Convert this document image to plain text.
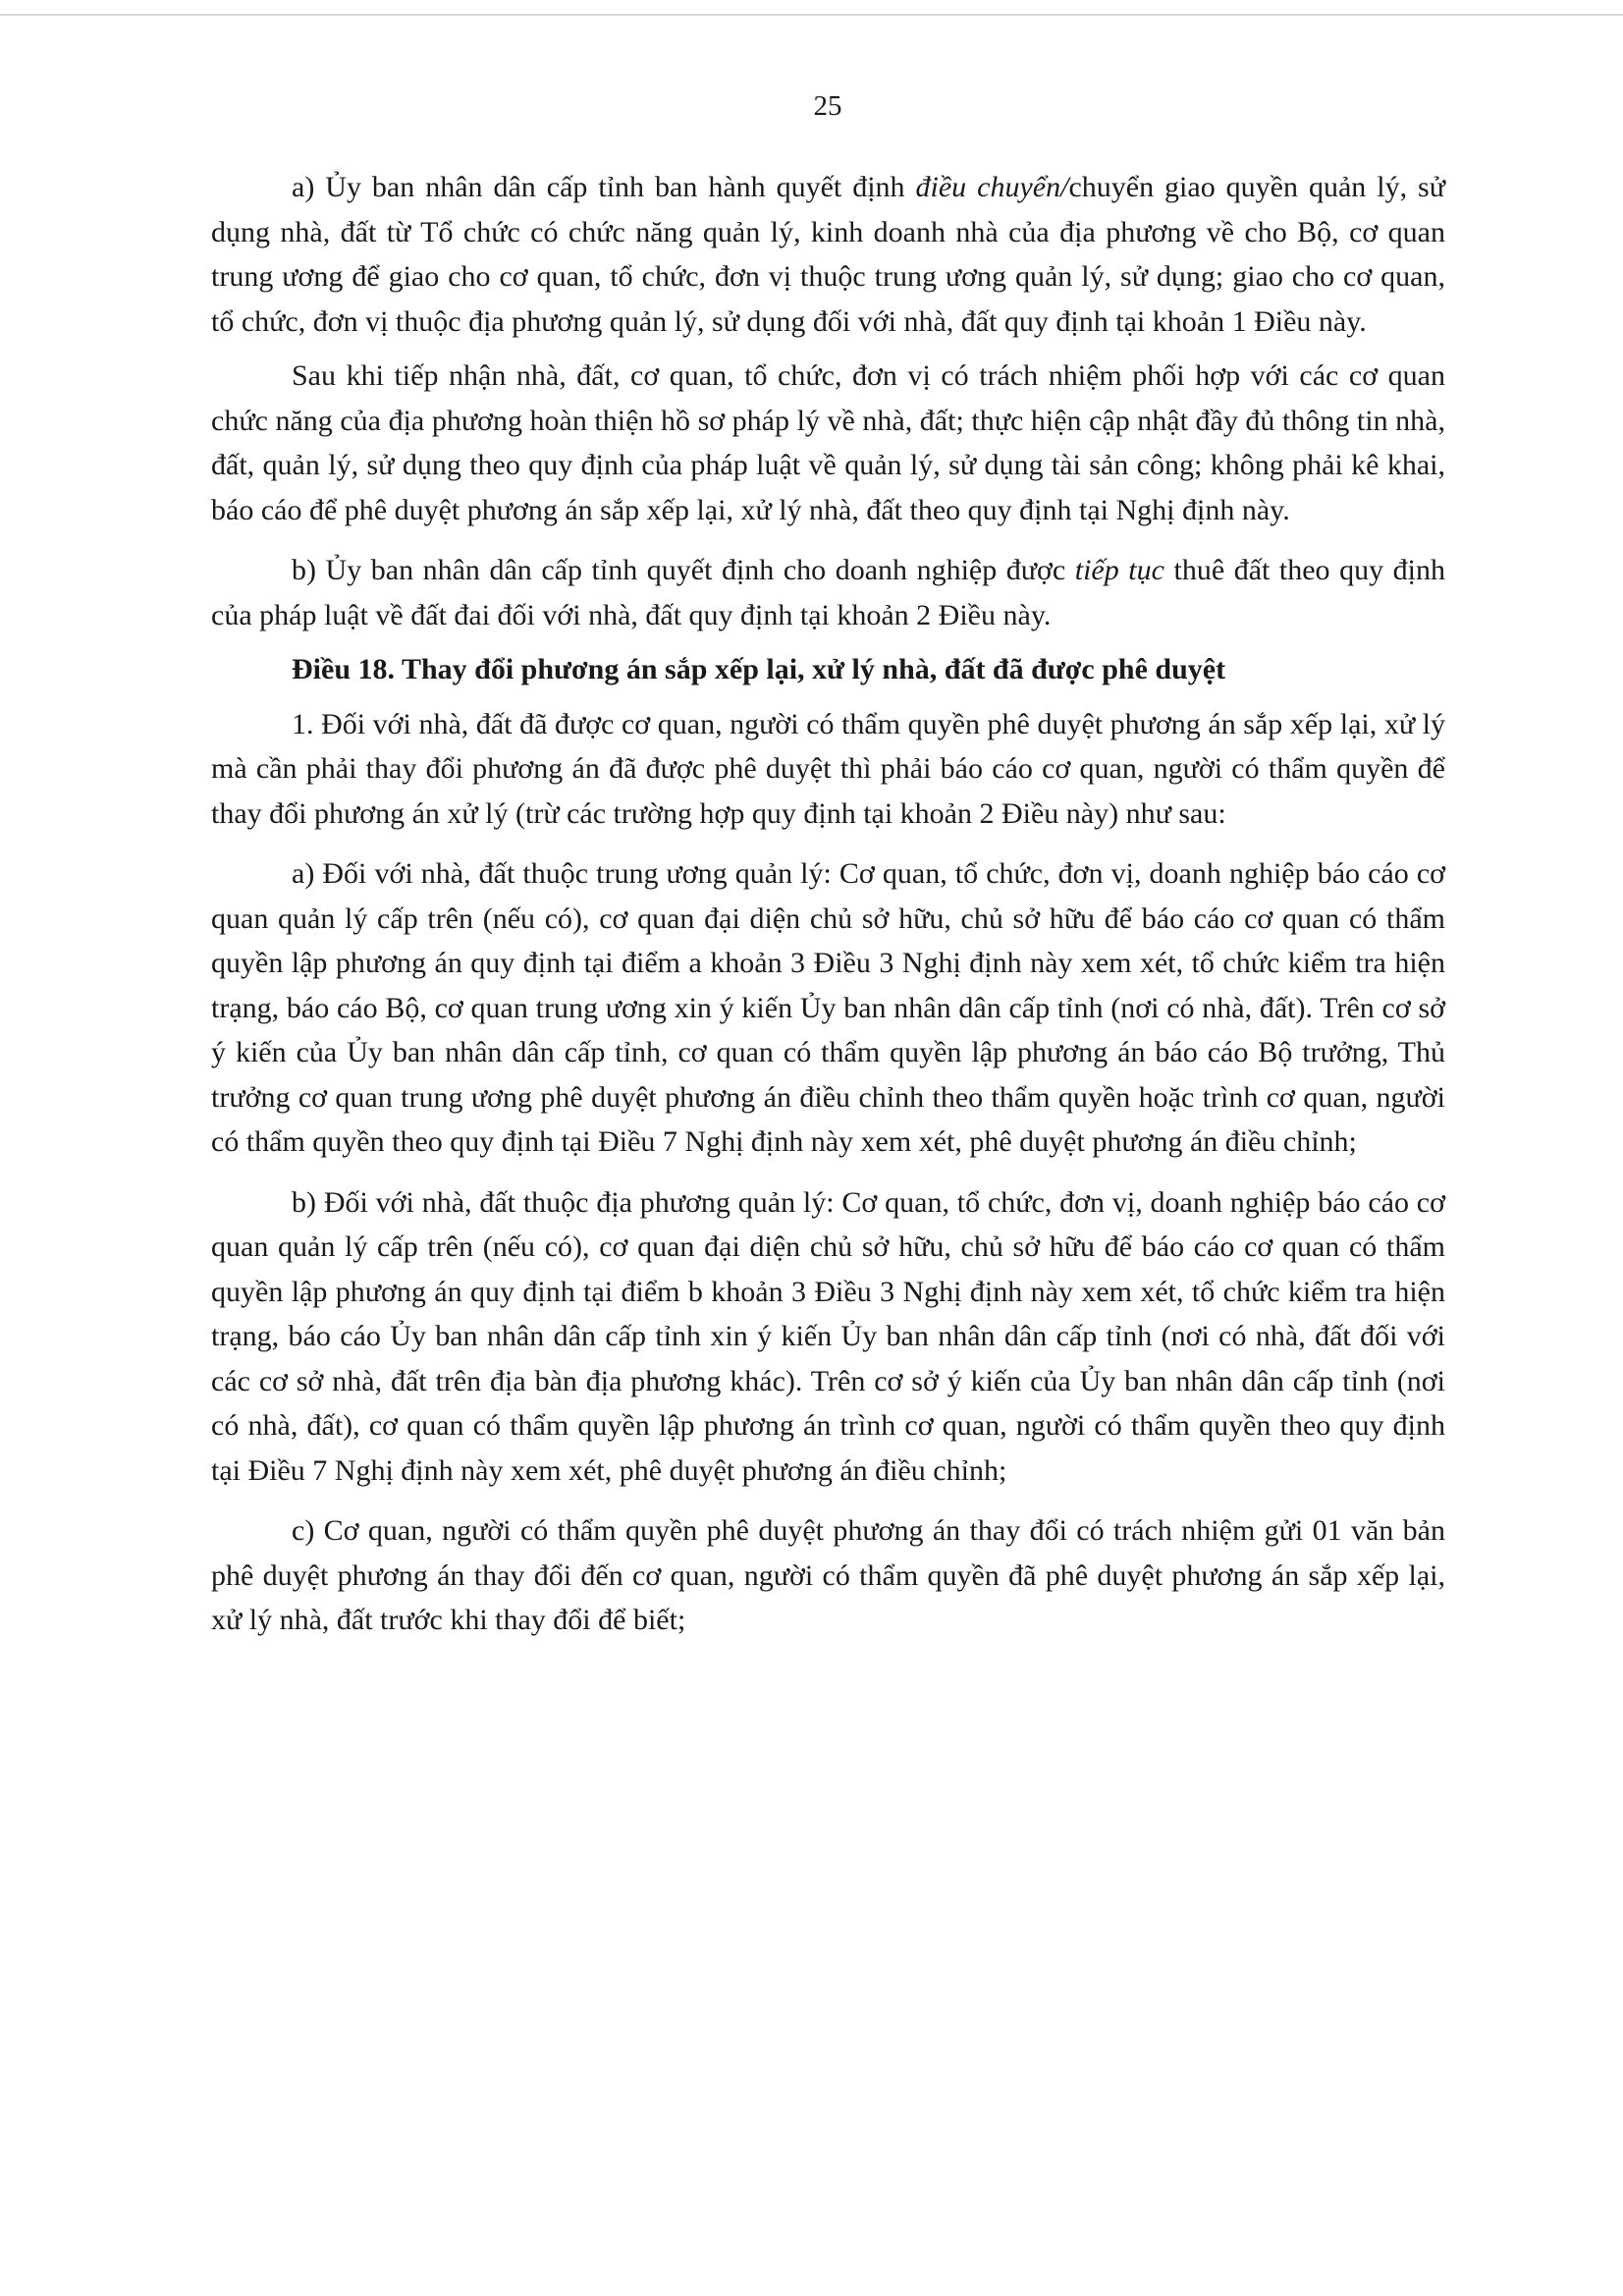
25

a) Ủy ban nhân dân cấp tỉnh ban hành quyết định điều chuyển/chuyển giao quyền quản lý, sử dụng nhà, đất từ Tổ chức có chức năng quản lý, kinh doanh nhà của địa phương về cho Bộ, cơ quan trung ương để giao cho cơ quan, tổ chức, đơn vị thuộc trung ương quản lý, sử dụng; giao cho cơ quan, tổ chức, đơn vị thuộc địa phương quản lý, sử dụng đối với nhà, đất quy định tại khoản 1 Điều này.

Sau khi tiếp nhận nhà, đất, cơ quan, tổ chức, đơn vị có trách nhiệm phối hợp với các cơ quan chức năng của địa phương hoàn thiện hồ sơ pháp lý về nhà, đất; thực hiện cập nhật đầy đủ thông tin nhà, đất, quản lý, sử dụng theo quy định của pháp luật về quản lý, sử dụng tài sản công; không phải kê khai, báo cáo để phê duyệt phương án sắp xếp lại, xử lý nhà, đất theo quy định tại Nghị định này.

b) Ủy ban nhân dân cấp tỉnh quyết định cho doanh nghiệp được tiếp tục thuê đất theo quy định của pháp luật về đất đai đối với nhà, đất quy định tại khoản 2 Điều này.

Điều 18. Thay đổi phương án sắp xếp lại, xử lý nhà, đất đã được phê duyệt

1. Đối với nhà, đất đã được cơ quan, người có thẩm quyền phê duyệt phương án sắp xếp lại, xử lý mà cần phải thay đổi phương án đã được phê duyệt thì phải báo cáo cơ quan, người có thẩm quyền để thay đổi phương án xử lý (trừ các trường hợp quy định tại khoản 2 Điều này) như sau:

a) Đối với nhà, đất thuộc trung ương quản lý: Cơ quan, tổ chức, đơn vị, doanh nghiệp báo cáo cơ quan quản lý cấp trên (nếu có), cơ quan đại diện chủ sở hữu, chủ sở hữu để báo cáo cơ quan có thẩm quyền lập phương án quy định tại điểm a khoản 3 Điều 3 Nghị định này xem xét, tổ chức kiểm tra hiện trạng, báo cáo Bộ, cơ quan trung ương xin ý kiến Ủy ban nhân dân cấp tỉnh (nơi có nhà, đất). Trên cơ sở ý kiến của Ủy ban nhân dân cấp tỉnh, cơ quan có thẩm quyền lập phương án báo cáo Bộ trưởng, Thủ trưởng cơ quan trung ương phê duyệt phương án điều chỉnh theo thẩm quyền hoặc trình cơ quan, người có thẩm quyền theo quy định tại Điều 7 Nghị định này xem xét, phê duyệt phương án điều chỉnh;

b) Đối với nhà, đất thuộc địa phương quản lý: Cơ quan, tổ chức, đơn vị, doanh nghiệp báo cáo cơ quan quản lý cấp trên (nếu có), cơ quan đại diện chủ sở hữu, chủ sở hữu để báo cáo cơ quan có thẩm quyền lập phương án quy định tại điểm b khoản 3 Điều 3 Nghị định này xem xét, tổ chức kiểm tra hiện trạng, báo cáo Ủy ban nhân dân cấp tỉnh xin ý kiến Ủy ban nhân dân cấp tỉnh (nơi có nhà, đất đối với các cơ sở nhà, đất trên địa bàn địa phương khác). Trên cơ sở ý kiến của Ủy ban nhân dân cấp tỉnh (nơi có nhà, đất), cơ quan có thẩm quyền lập phương án trình cơ quan, người có thẩm quyền theo quy định tại Điều 7 Nghị định này xem xét, phê duyệt phương án điều chỉnh;

c) Cơ quan, người có thẩm quyền phê duyệt phương án thay đổi có trách nhiệm gửi 01 văn bản phê duyệt phương án thay đổi đến cơ quan, người có thẩm quyền đã phê duyệt phương án sắp xếp lại, xử lý nhà, đất trước khi thay đổi để biết;
